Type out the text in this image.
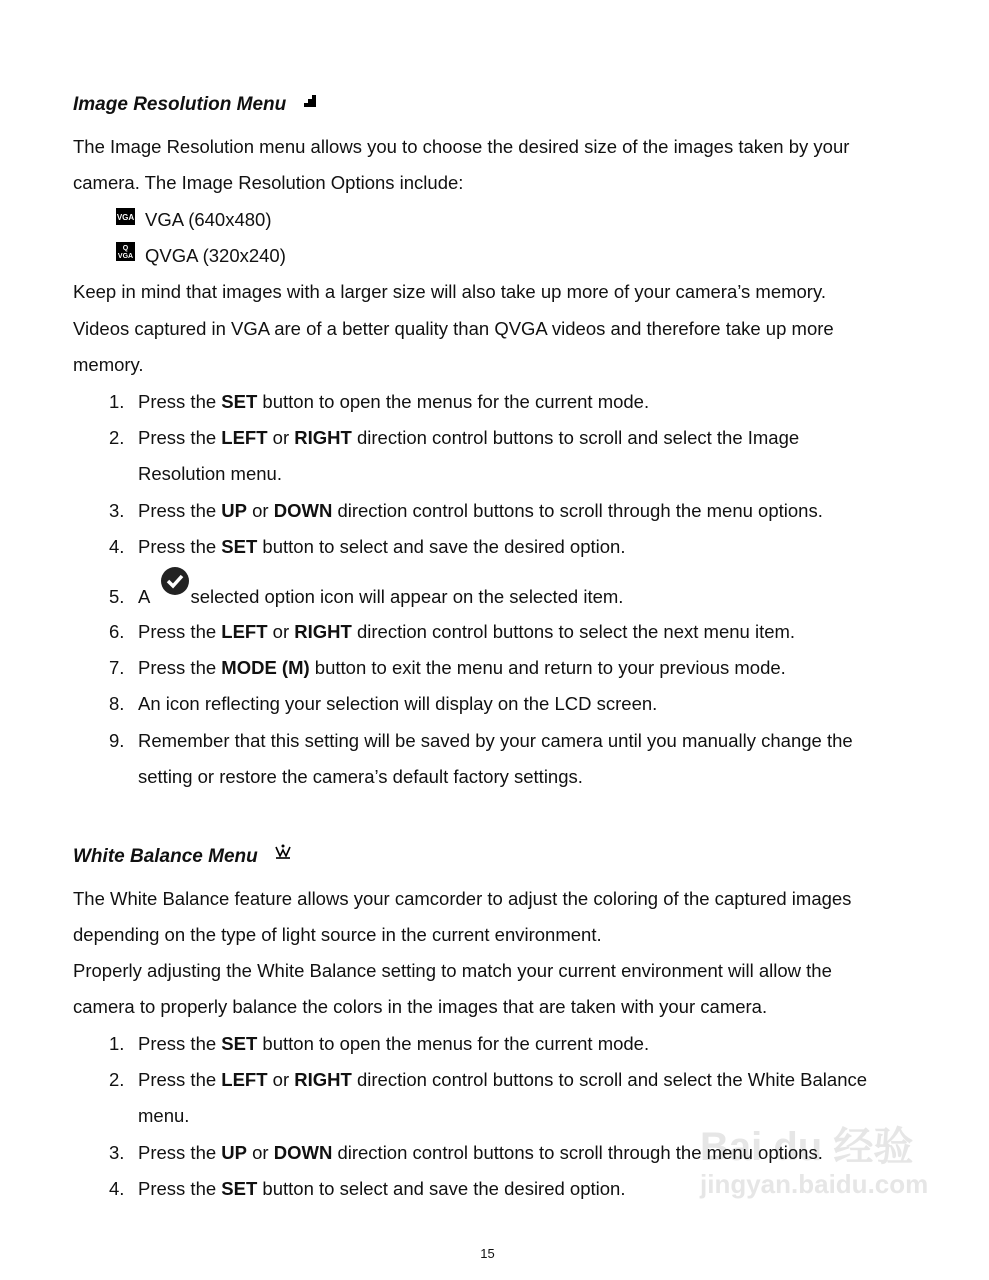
Bai du 经验
jingyan.baidu.com
15
Image Resolution Menu
The Image Resolution menu allows you to choose the desired size of the images taken by your
camera. The Image Resolution Options include:
VGA VGA (640x480)
Q
VGA QVGA (320x240)
Keep in mind that images with a larger size will also take up more of your camera’s memory.
Videos captured in VGA are of a better quality than QVGA videos and therefore take up more
memory.
1. Press the SET button to open the menus for the current mode.
2. Press the LEFT or RIGHT direction control buttons to scroll and select the Image
Resolution menu.
3. Press the UP or DOWN direction control buttons to scroll through the menu options.
4. Press the SET button to select and save the desired option.
5. A selected option icon will appear on the selected item.
6. Press the LEFT or RIGHT direction control buttons to select the next menu item.
7. Press the MODE (M) button to exit the menu and return to your previous mode.
8. An icon reflecting your selection will display on the LCD screen.
9. Remember that this setting will be saved by your camera until you manually change the
setting or restore the camera’s default factory settings.
White Balance Menu
The White Balance feature allows your camcorder to adjust the coloring of the captured images
depending on the type of light source in the current environment.
Properly adjusting the White Balance setting to match your current environment will allow the
camera to properly balance the colors in the images that are taken with your camera.
1. Press the SET button to open the menus for the current mode.
2. Press the LEFT or RIGHT direction control buttons to scroll and select the White Balance
menu.
3. Press the UP or DOWN direction control buttons to scroll through the menu options.
4. Press the SET button to select and save the desired option.
